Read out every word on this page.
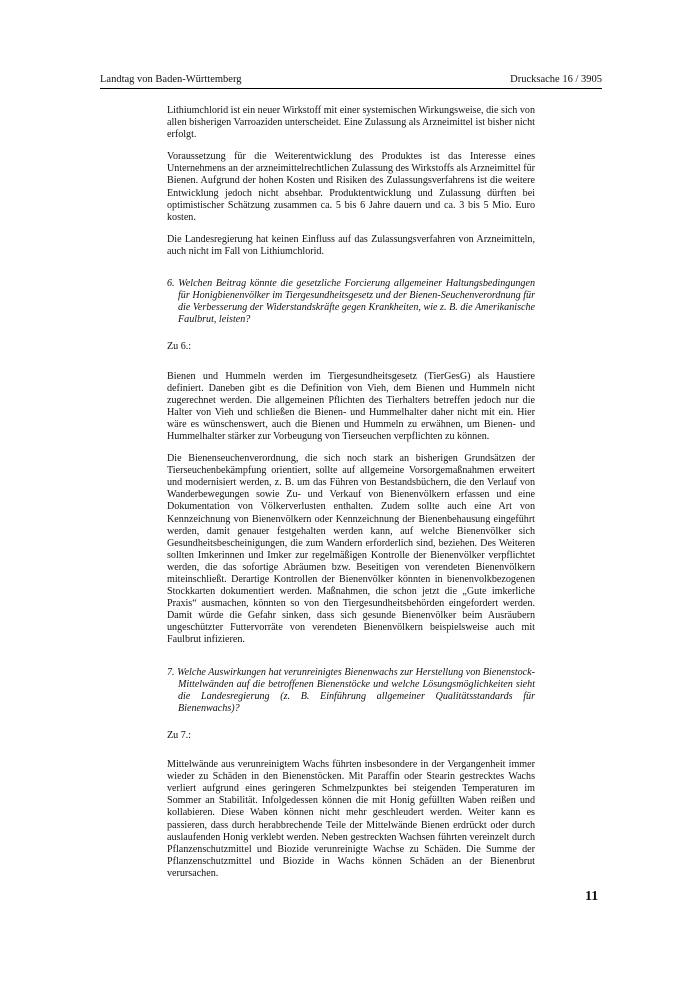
Landtag von Baden-Württemberg	Drucksache 16 / 3905

Lithiumchlorid ist ein neuer Wirkstoff mit einer systemischen Wirkungsweise, die sich von allen bisherigen Varroaziden unterscheidet. Eine Zulassung als Arzneimittel ist bisher nicht erfolgt.

Voraussetzung für die Weiterentwicklung des Produktes ist das Interesse eines Unternehmens an der arzneimittelrechtlichen Zulassung des Wirkstoffs als Arzneimittel für Bienen. Aufgrund der hohen Kosten und Risiken des Zulassungsverfahrens ist die weitere Entwicklung jedoch nicht absehbar. Produktentwicklung und Zulassung dürften bei optimistischer Schätzung zusammen ca. 5 bis 6 Jahre dauern und ca. 3 bis 5 Mio. Euro kosten.

Die Landesregierung hat keinen Einfluss auf das Zulassungsverfahren von Arzneimitteln, auch nicht im Fall von Lithiumchlorid.

6. Welchen Beitrag könnte die gesetzliche Forcierung allgemeiner Haltungsbedingungen für Honigbienenvölker im Tiergesundheitsgesetz und der Bienen-Seuchenverordnung für die Verbesserung der Widerstandskräfte gegen Krankheiten, wie z. B. die Amerikanische Faulbrut, leisten?

Zu 6.:

Bienen und Hummeln werden im Tiergesundheitsgesetz (TierGesG) als Haustiere definiert. Daneben gibt es die Definition von Vieh, dem Bienen und Hummeln nicht zugerechnet werden. Die allgemeinen Pflichten des Tierhalters betreffen jedoch nur die Halter von Vieh und schließen die Bienen- und Hummelhalter daher nicht mit ein. Hier wäre es wünschenswert, auch die Bienen und Hummeln zu erwähnen, um Bienen- und Hummelhalter stärker zur Vorbeugung von Tierseuchen verpflichten zu können.

Die Bienenseuchenverordnung, die sich noch stark an bisherigen Grundsätzen der Tierseuchenbekämpfung orientiert, sollte auf allgemeine Vorsorgemaßnahmen erweitert und modernisiert werden, z. B. um das Führen von Bestandsbüchern, die den Verlauf von Wanderbewegungen sowie Zu- und Verkauf von Bienenvölkern erfassen und eine Dokumentation von Völkerverlusten enthalten. Zudem sollte auch eine Art von Kennzeichnung von Bienenvölkern oder Kennzeichnung der Bienenbehausung eingeführt werden, damit genauer festgehalten werden kann, auf welche Bienenvölker sich Gesundheitsbescheinigungen, die zum Wandern erforderlich sind, beziehen. Des Weiteren sollten Imkerinnen und Imker zur regelmäßigen Kontrolle der Bienenvölker verpflichtet werden, die das sofortige Abräumen bzw. Beseitigen von verendeten Bienenvölkern miteinschließt. Derartige Kontrollen der Bienenvölker könnten in bienenvolkbezogenen Stockkarten dokumentiert werden. Maßnahmen, die schon jetzt die „Gute imkerliche Praxis“ ausmachen, könnten so von den Tiergesundheitsbehörden eingefordert werden. Damit würde die Gefahr sinken, dass sich gesunde Bienenvölker beim Ausräubern ungeschützter Futtervorräte von verendeten Bienenvölkern beispielsweise auch mit Faulbrut infizieren.

7. Welche Auswirkungen hat verunreinigtes Bienenwachs zur Herstellung von Bienenstock-Mittelwänden auf die betroffenen Bienenstöcke und welche Lösungsmöglichkeiten sieht die Landesregierung (z. B. Einführung allgemeiner Qualitätsstandards für Bienenwachs)?

Zu 7.:

Mittelwände aus verunreinigtem Wachs führten insbesondere in der Vergangenheit immer wieder zu Schäden in den Bienenstöcken. Mit Paraffin oder Stearin gestrecktes Wachs verliert aufgrund eines geringeren Schmelzpunktes bei steigenden Temperaturen im Sommer an Stabilität. Infolgedessen können die mit Honig gefüllten Waben reißen und kollabieren. Diese Waben können nicht mehr geschleudert werden. Weiter kann es passieren, dass durch herabbrechende Teile der Mittelwände Bienen erdrückt oder durch auslaufenden Honig verklebt werden. Neben gestreckten Wachsen führten vereinzelt durch Pflanzenschutzmittel und Biozide verunreinigte Wachse zu Schäden. Die Summe der Pflanzenschutzmittel und Biozide in Wachs können Schäden an der Bienenbrut verursachen.

11
